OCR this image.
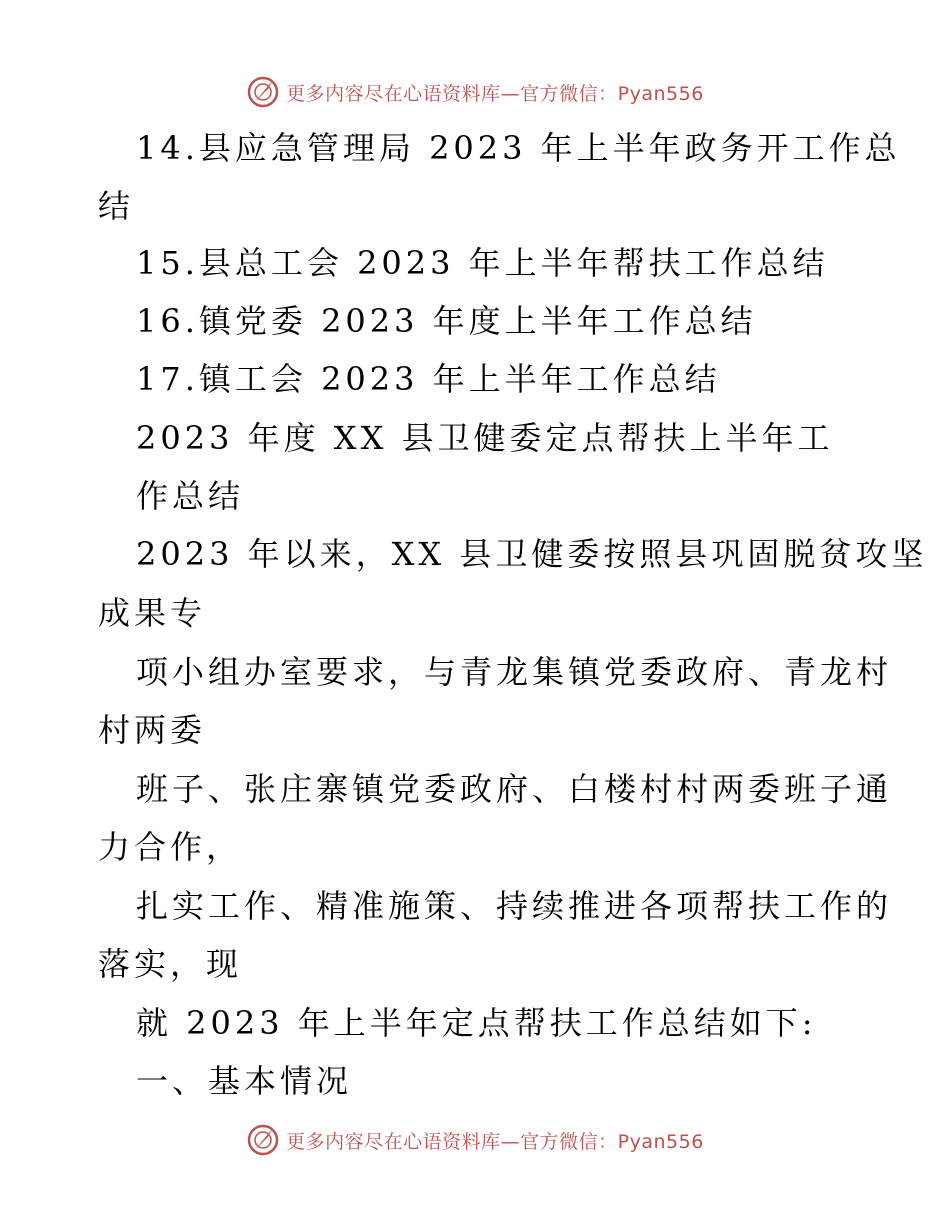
更多内容尽在心语资料库—官方微信：Pyan556
14.县应急管理局 2023 年上半年政务开工作总
结
15.县总工会 2023 年上半年帮扶工作总结
16.镇党委 2023 年度上半年工作总结
17.镇工会 2023 年上半年工作总结
2023 年度 XX 县卫健委定点帮扶上半年工
作总结
2023 年以来，XX 县卫健委按照县巩固脱贫攻坚
成果专
项小组办室要求，与青龙集镇党委政府、青龙村
村两委
班子、张庄寨镇党委政府、白楼村村两委班子通
力合作，
扎实工作、精准施策、持续推进各项帮扶工作的
落实，现
就 2023 年上半年定点帮扶工作总结如下:
一、基本情况
更多内容尽在心语资料库—官方微信：Pyan556
